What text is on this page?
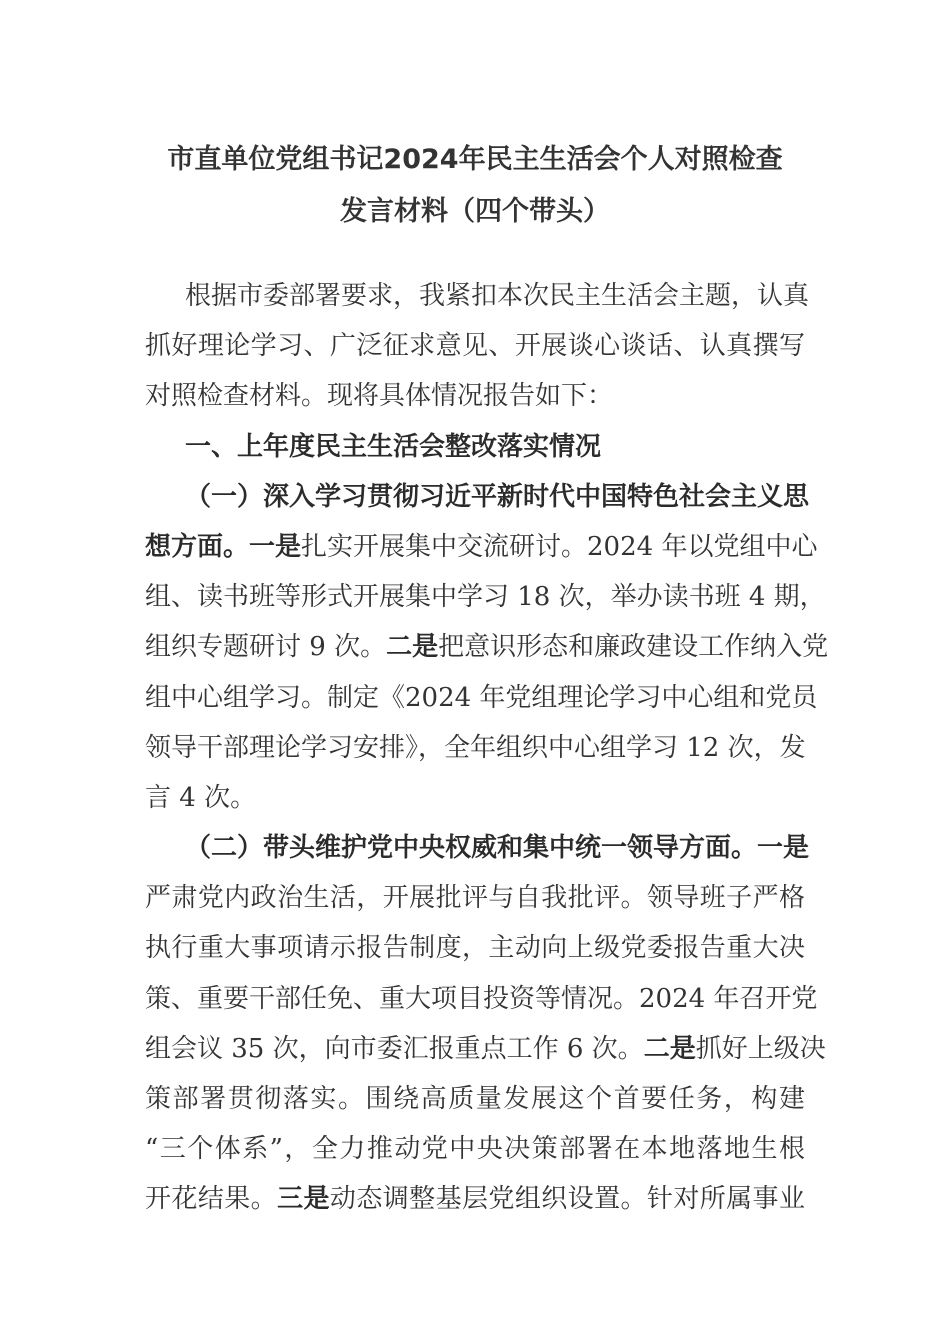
市直单位党组书记2024年民主生活会个人对照检查
发言材料（四个带头）
根据市委部署要求，我紧扣本次民主生活会主题，认真
抓好理论学习、广泛征求意见、开展谈心谈话、认真撰写
对照检查材料。现将具体情况报告如下：
一、上年度民主生活会整改落实情况
（一）深入学习贯彻习近平新时代中国特色社会主义思
想方面。一是扎实开展集中交流研讨。2024 年以党组中心
组、读书班等形式开展集中学习 18 次，举办读书班 4 期，
组织专题研讨 9 次。二是把意识形态和廉政建设工作纳入党
组中心组学习。制定《2024 年党组理论学习中心组和党员
领导干部理论学习安排》，全年组织中心组学习 12 次，发
言 4 次。
（二）带头维护党中央权威和集中统一领导方面。一是
严肃党内政治生活，开展批评与自我批评。领导班子严格
执行重大事项请示报告制度，主动向上级党委报告重大决
策、重要干部任免、重大项目投资等情况。2024 年召开党
组会议 35 次，向市委汇报重点工作 6 次。二是抓好上级决
策部署贯彻落实。围绕高质量发展这个首要任务，构建
“三个体系”，全力推动党中央决策部署在本地落地生根
开花结果。三是动态调整基层党组织设置。针对所属事业
